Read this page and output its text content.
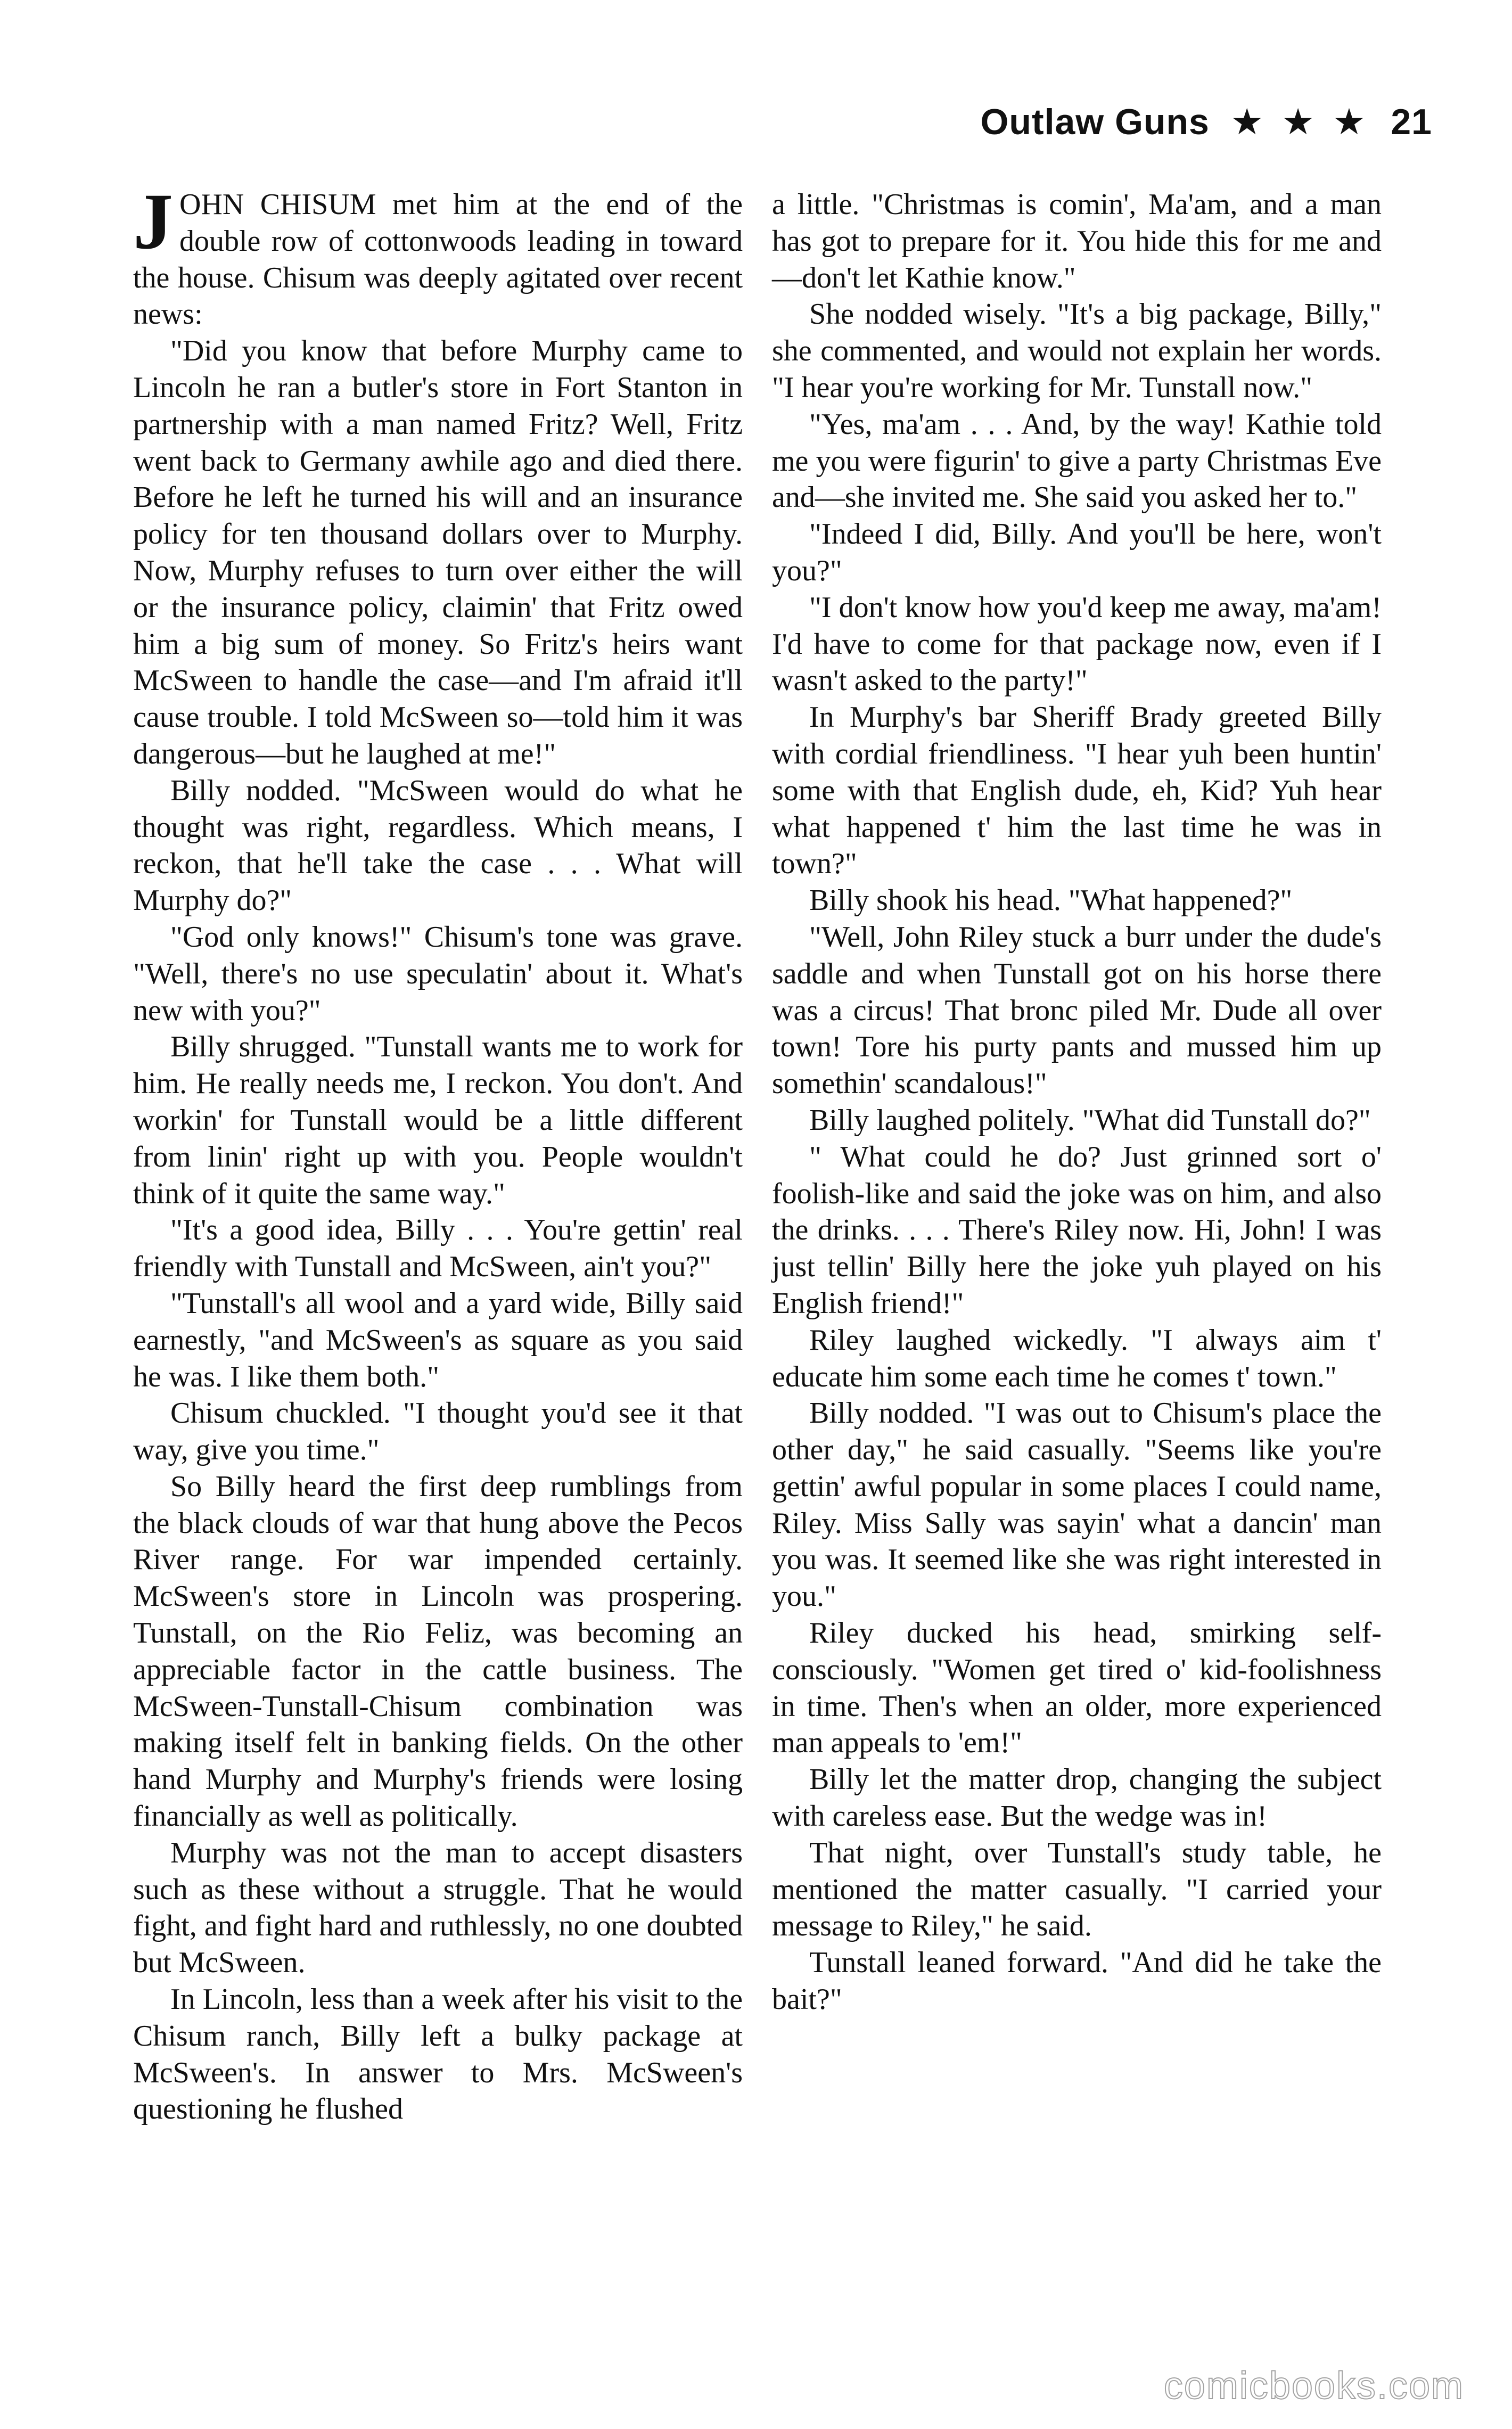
Outlaw Guns ★ ★ ★ 21

JOHN CHISUM met him at the end of the double row of cottonwoods leading in toward the house. Chisum was deeply agitated over recent news:

"Did you know that before Murphy came to Lincoln he ran a butler's store in Fort Stanton in partnership with a man named Fritz? Well, Fritz went back to Germany awhile ago and died there. Before he left he turned his will and an insurance policy for ten thousand dollars over to Murphy. Now, Murphy refuses to turn over either the will or the insurance policy, claimin' that Fritz owed him a big sum of money. So Fritz's heirs want McSween to handle the case—and I'm afraid it'll cause trouble. I told McSween so—told him it was dangerous—but he laughed at me!"

Billy nodded. "McSween would do what he thought was right, regardless. Which means, I reckon, that he'll take the case . . . What will Murphy do?"

"God only knows!" Chisum's tone was grave. "Well, there's no use speculatin' about it. What's new with you?"

Billy shrugged. "Tunstall wants me to work for him. He really needs me, I reckon. You don't. And workin' for Tunstall would be a little different from linin' right up with you. People wouldn't think of it quite the same way."

"It's a good idea, Billy . . . You're gettin' real friendly with Tunstall and McSween, ain't you?"

"Tunstall's all wool and a yard wide, Billy said earnestly, "and McSween's as square as you said he was. I like them both."

Chisum chuckled. "I thought you'd see it that way, give you time."

So Billy heard the first deep rumblings from the black clouds of war that hung above the Pecos River range. For war impended certainly. McSween's store in Lincoln was prospering. Tunstall, on the Rio Feliz, was becoming an appreciable factor in the cattle business. The McSween-Tunstall-Chisum combination was making itself felt in banking fields. On the other hand Murphy and Murphy's friends were losing financially as well as politically.

Murphy was not the man to accept disasters such as these without a struggle. That he would fight, and fight hard and ruthlessly, no one doubted but McSween.

In Lincoln, less than a week after his visit to the Chisum ranch, Billy left a bulky package at McSween's. In answer to Mrs. McSween's questioning he flushed

a little. "Christmas is comin', Ma'am, and a man has got to prepare for it. You hide this for me and—don't let Kathie know."

She nodded wisely. "It's a big package, Billy," she commented, and would not explain her words. "I hear you're working for Mr. Tunstall now."

"Yes, ma'am . . . And, by the way! Kathie told me you were figurin' to give a party Christmas Eve and—she invited me. She said you asked her to."

"Indeed I did, Billy. And you'll be here, won't you?"

"I don't know how you'd keep me away, ma'am! I'd have to come for that package now, even if I wasn't asked to the party!"

In Murphy's bar Sheriff Brady greeted Billy with cordial friendliness. "I hear yuh been huntin' some with that English dude, eh, Kid? Yuh hear what happened t' him the last time he was in town?"

Billy shook his head. "What happened?"

"Well, John Riley stuck a burr under the dude's saddle and when Tunstall got on his horse there was a circus! That bronc piled Mr. Dude all over town! Tore his purty pants and mussed him up somethin' scandalous!"

Billy laughed politely. "What did Tunstall do?"

" What could he do? Just grinned sort o' foolish-like and said the joke was on him, and also the drinks. . . . There's Riley now. Hi, John! I was just tellin' Billy here the joke yuh played on his English friend!"

Riley laughed wickedly. "I always aim t' educate him some each time he comes t' town."

Billy nodded. "I was out to Chisum's place the other day," he said casually. "Seems like you're gettin' awful popular in some places I could name, Riley. Miss Sally was sayin' what a dancin' man you was. It seemed like she was right interested in you."

Riley ducked his head, smirking self-consciously. "Women get tired o' kid-foolishness in time. Then's when an older, more experienced man appeals to 'em!"

Billy let the matter drop, changing the subject with careless ease. But the wedge was in!

That night, over Tunstall's study table, he mentioned the matter casually. "I carried your message to Riley," he said.

Tunstall leaned forward. "And did he take the bait?"

comicbooks.com
